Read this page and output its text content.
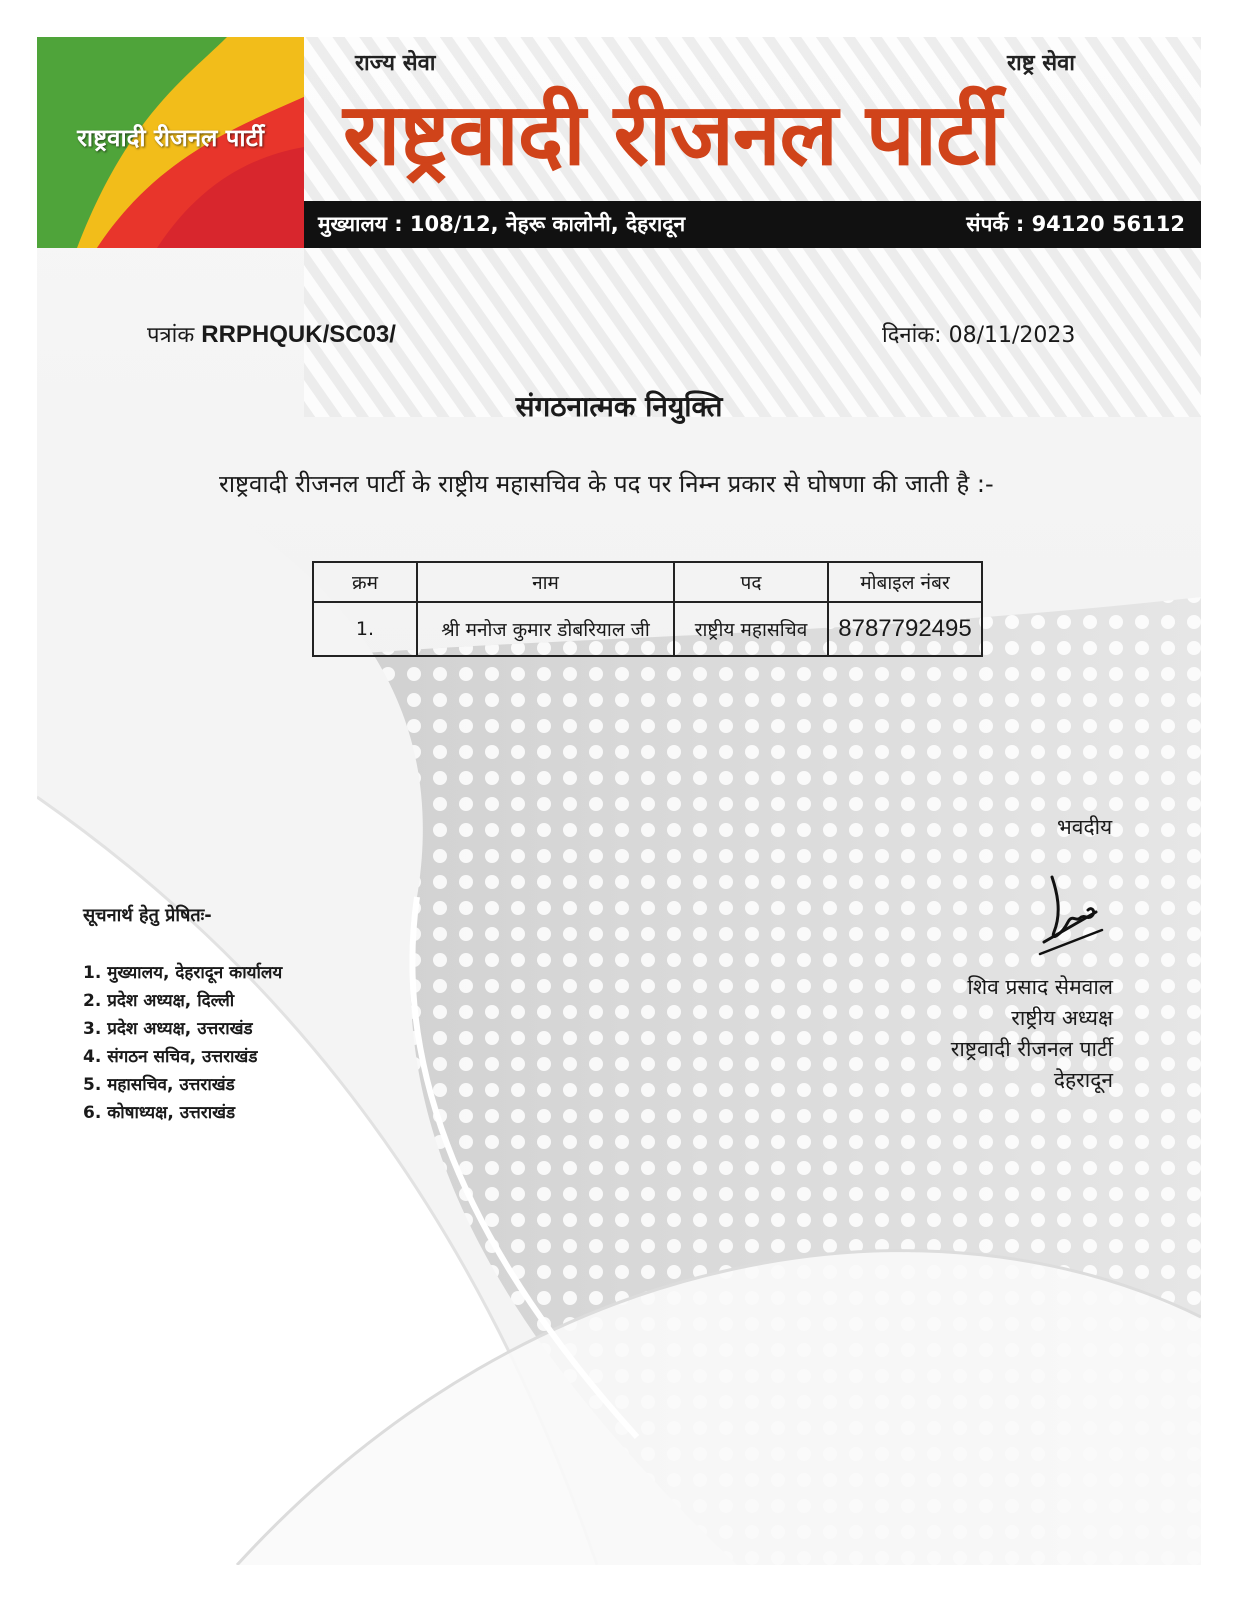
राष्ट्रवादी रीजनल पार्टी
राज्य सेवा	राष्ट्र सेवा
राष्ट्रवादी रीजनल पार्टी
मुख्यालय : 108/12, नेहरू कालोनी, देहरादून	संपर्क : 94120 56112
पत्रांक RRPHQUK/SC03/	दिनांक: 08/11/2023
संगठनात्मक नियुक्ति
राष्ट्रवादी रीजनल पार्टी के राष्ट्रीय महासचिव के पद पर निम्न प्रकार से घोषणा की जाती है :-
क्रम	नाम	पद	मोबाइल नंबर
1.	श्री मनोज कुमार डोबरियाल जी	राष्ट्रीय महासचिव	8787792495
भवदीय
शिव प्रसाद सेमवाल
राष्ट्रीय अध्यक्ष
राष्ट्रवादी रीजनल पार्टी
देहरादून
सूचनार्थ हेतु प्रेषितः-
1. मुख्यालय, देहरादून कार्यालय
2. प्रदेश अध्यक्ष, दिल्ली
3. प्रदेश अध्यक्ष, उत्तराखंड
4. संगठन सचिव, उत्तराखंड
5. महासचिव, उत्तराखंड
6. कोषाध्यक्ष, उत्तराखंड
